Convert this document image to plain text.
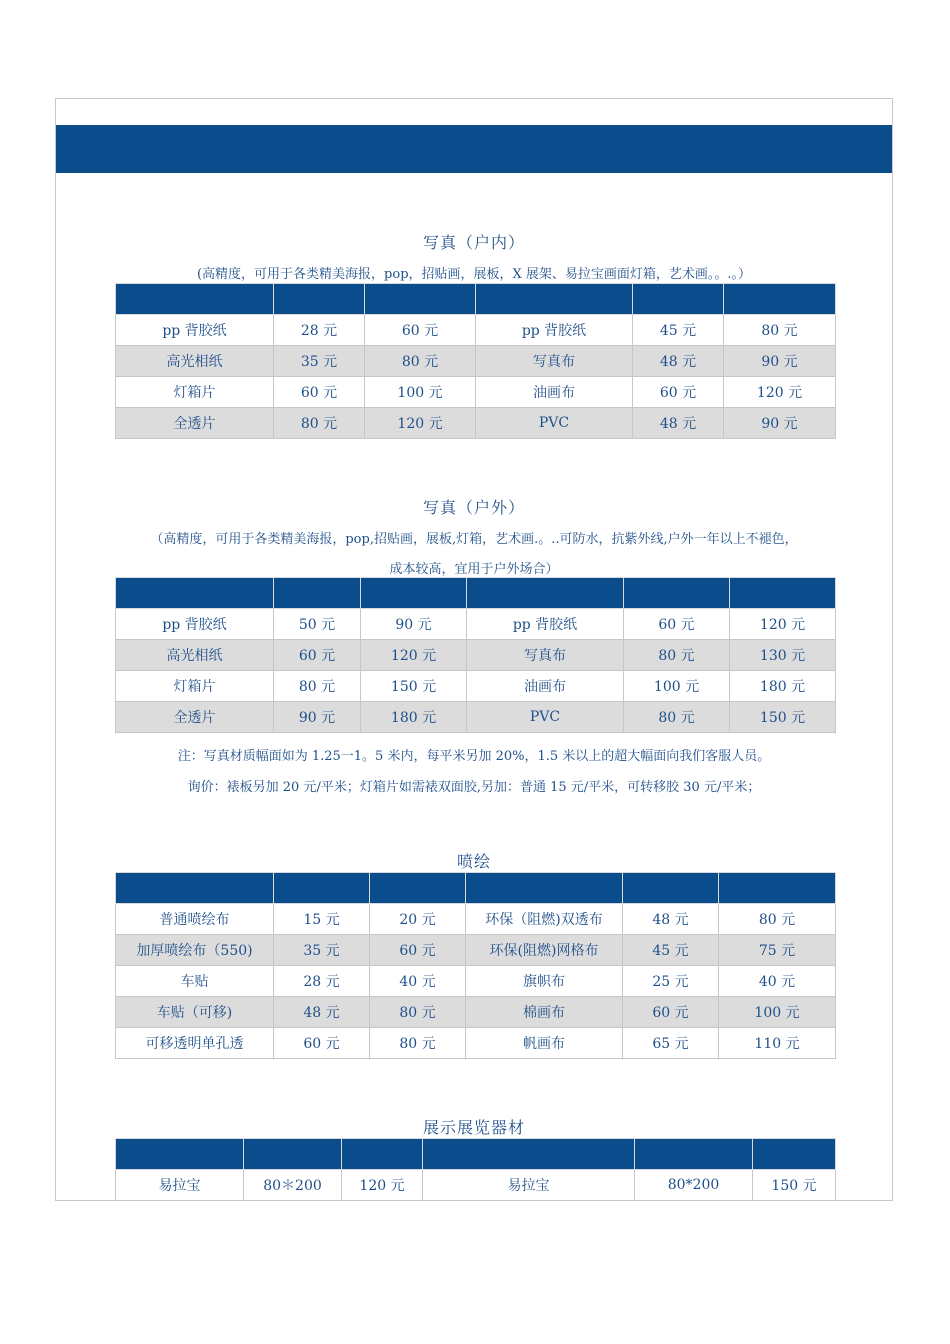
写真（户内）
(高精度，可用于各类精美海报，pop，招贴画，展板，X 展架、易拉宝画面灯箱，艺术画。。.。）

pp 背胶纸	28 元	60 元	pp 背胶纸	45 元	80 元
高光相纸	35 元	80 元	写真布	48 元	90 元
灯箱片	60 元	100 元	油画布	60 元	120 元
全透片	80 元	120 元	PVC	48 元	90 元
写真（户外）
（高精度，可用于各类精美海报，pop,招贴画，展板,灯箱，艺术画.。..可防水，抗紫外线,户外一年以上不褪色，
成本较高，宜用于户外场合）

pp 背胶纸	50 元	90 元	pp 背胶纸	60 元	120 元
高光相纸	60 元	120 元	写真布	80 元	130 元
灯箱片	80 元	150 元	油画布	100 元	180 元
全透片	90 元	180 元	PVC	80 元	150 元
注：写真材质幅面如为 1.25一1。5 米内，每平米另加 20%，1.5 米以上的超大幅面向我们客服人员。
询价：裱板另加 20 元/平米；灯箱片如需裱双面胶,另加：普通 15 元/平米，可转移胶 30 元/平米；
喷绘

普通喷绘布	15 元	20 元	环保（阻燃)双透布	48 元	80 元
加厚喷绘布（550)	35 元	60 元	环保(阻燃)网格布	45 元	75 元
车贴	28 元	40 元	旗帜布	25 元	40 元
车贴（可移)	48 元	80 元	棉画布	60 元	100 元
可移透明单孔透	60 元	80 元	帆画布	65 元	110 元
展示展览器材

易拉宝	80＊200	120 元	易拉宝	80*200	150 元
